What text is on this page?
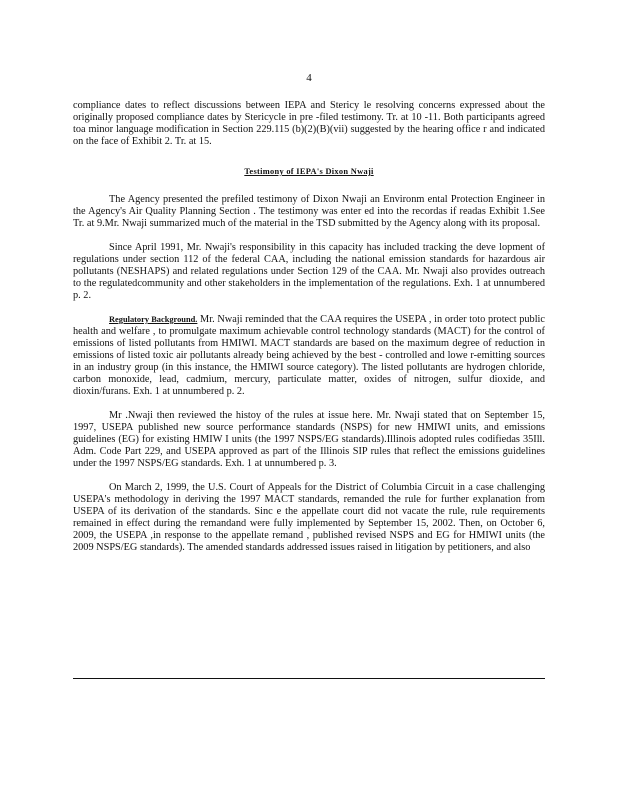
4

compliance dates to reflect discussions between IEPA and Stericy le resolving concerns expressed about the originally proposed compliance dates by Stericycle in pre -filed testimony. Tr. at 10 -11. Both participants agreed toa minor language modification in Section 229.115 (b)(2)(B)(vii) suggested by the hearing office r and indicated on the face of Exhibit 2. Tr. at 15.

Testimony of IEPA's Dixon Nwaji

The Agency presented the prefiled testimony of Dixon Nwaji an Environm ental Protection Engineer in the Agency's Air Quality Planning Section . The testimony was enter ed into the recordas if readas Exhibit 1.See Tr. at 9.Mr. Nwaji summarized much of the material in the TSD submitted by the Agency along with its proposal.

Since April 1991, Mr. Nwaji's responsibility in this capacity has included tracking the deve lopment of regulations under section 112 of the federal CAA, including the national emission standards for hazardous air pollutants (NESHAPS) and related regulations under Section 129 of the CAA. Mr. Nwaji also provides outreach to the regulatedcommunity and other stakeholders in the implementation of the regulations. Exh. 1 at unnumbered p. 2.

Regulatory Background. Mr. Nwaji reminded that the CAA requires the USEPA , in order toto protect public health and welfare , to promulgate maximum achievable control technology standards (MACT) for the control of emissions of listed pollutants from HMIWI. MACT standards are based on the maximum degree of reduction in emissions of listed toxic air pollutants already being achieved by the best - controlled and lowe r-emitting sources in an industry group (in this instance, the HMIWI source category). The listed pollutants are hydrogen chloride, carbon monoxide, lead, cadmium, mercury, particulate matter, oxides of nitrogen, sulfur dioxide, and dioxin/furans. Exh. 1 at unnumbered p. 2.

Mr .Nwaji then reviewed the histoy of the rules at issue here. Mr. Nwaji stated that on September 15, 1997, USEPA published new source performance standards (NSPS) for new HMIWI units, and emissions guidelines (EG) for existing HMIW I units (the 1997 NSPS/EG standards).Illinois adopted rules codifiedas 35Ill. Adm. Code Part 229, and USEPA approved as part of the Illinois SIP rules that reflect the emissions guidelines under the 1997 NSPS/EG standards. Exh. 1 at unnumbered p. 3.

On March 2, 1999, the U.S. Court of Appeals for the District of Columbia Circuit in a case challenging USEPA's methodology in deriving the 1997 MACT standards, remanded the rule for further explanation from USEPA of its derivation of the standards. Sinc e the appellate court did not vacate the rule, rule requirements remained in effect during the remandand were fully implemented by September 15, 2002. Then, on October 6, 2009, the USEPA ,in response to the appellate remand , published revised NSPS and EG for HMIWI units (the 2009 NSPS/EG standards). The amended standards addressed issues raised in litigation by petitioners, and also
